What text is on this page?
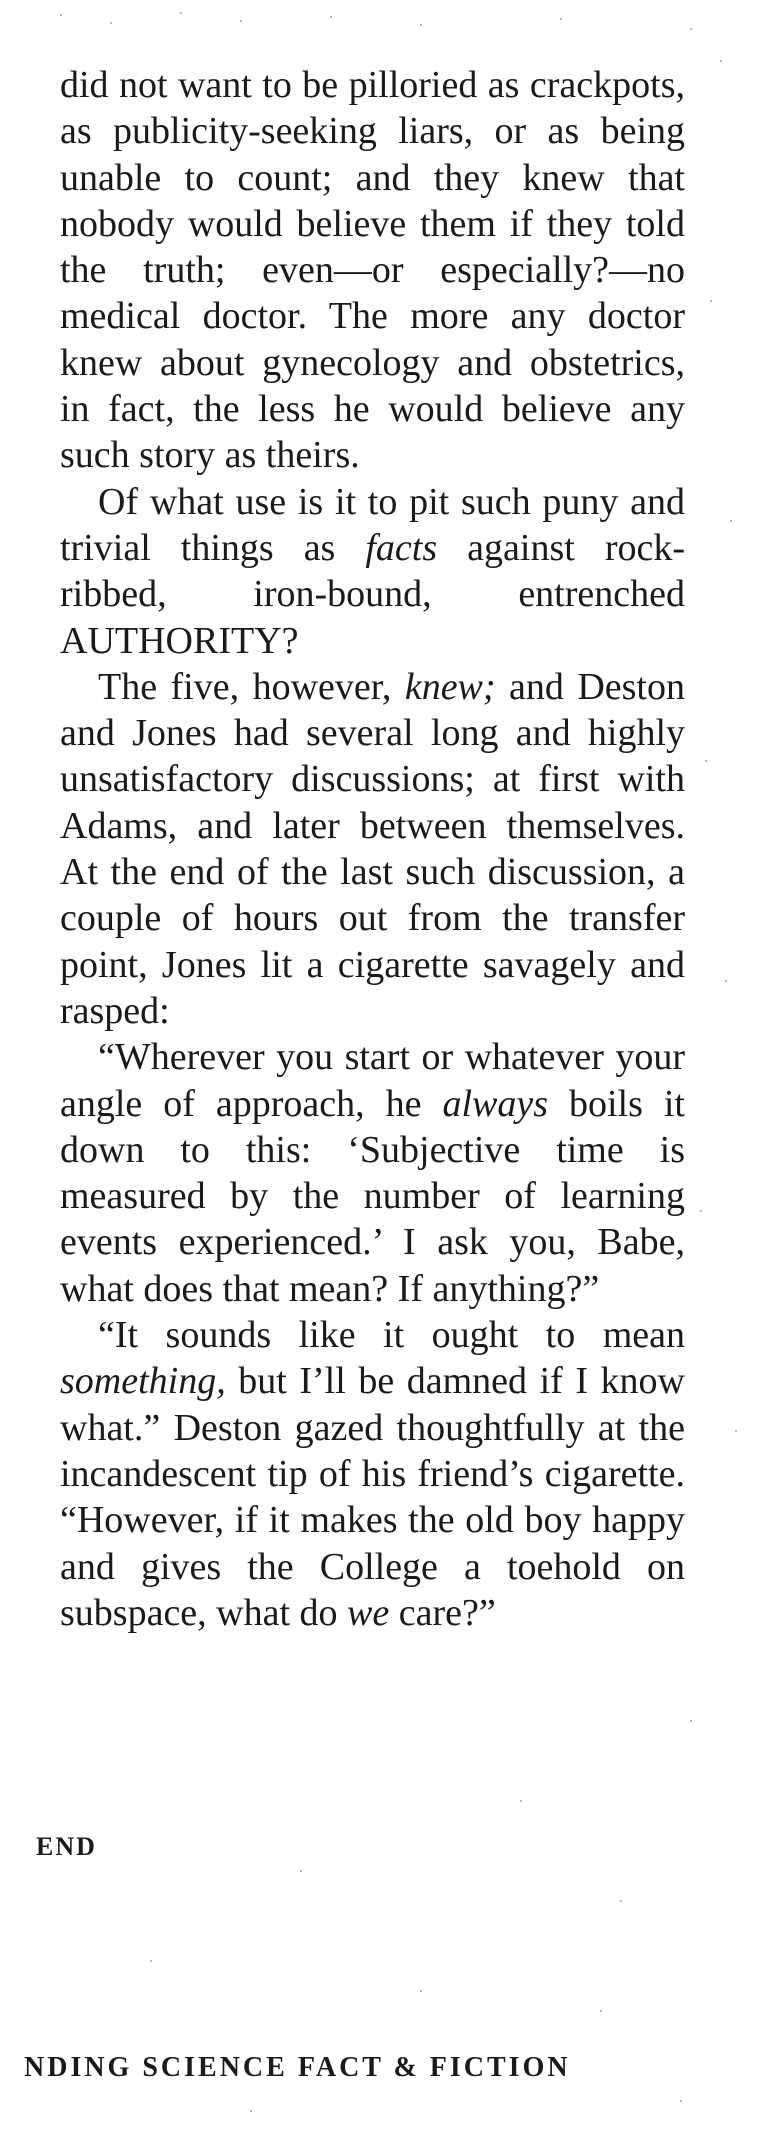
did not want to be pilloried as crackpots, as publicity-seeking liars, or as being unable to count; and they knew that nobody would believe them if they told the truth; even—or especially?—no medical doctor. The more any doctor knew about gynecology and obstetrics, in fact, the less he would believe any such story as theirs.

Of what use is it to pit such puny and trivial things as facts against rock-ribbed, iron-bound, entrenched AUTHORITY?

The five, however, knew; and Deston and Jones had several long and highly unsatisfactory discussions; at first with Adams, and later between themselves. At the end of the last such discussion, a couple of hours out from the transfer point, Jones lit a cigarette savagely and rasped:

“Wherever you start or whatever your angle of approach, he always boils it down to this: ‘Subjective time is measured by the number of learning events experienced.’ I ask you, Babe, what does that mean? If anything?”

“It sounds like it ought to mean something, but I’ll be damned if I know what.” Deston gazed thoughtfully at the incandescent tip of his friend’s cigarette. “However, if it makes the old boy happy and gives the College a toehold on subspace, what do we care?”

END
NDING SCIENCE FACT & FICTION
